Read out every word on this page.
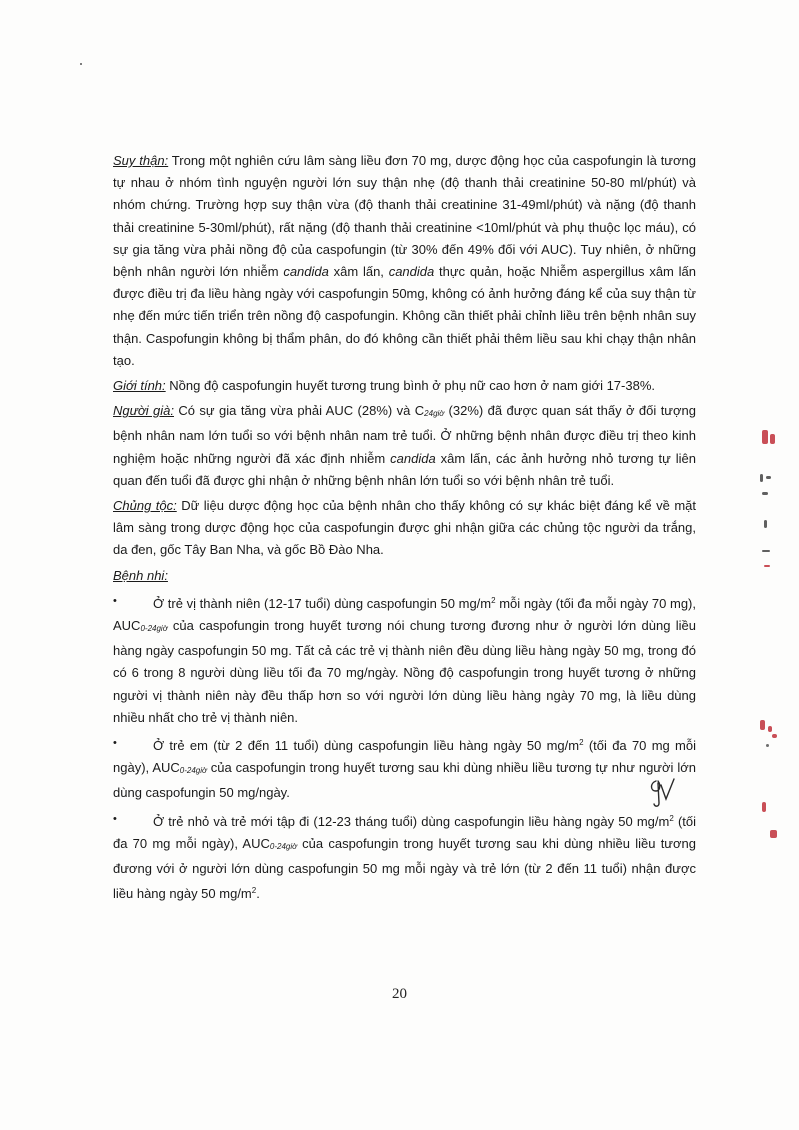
Suy thận: Trong một nghiên cứu lâm sàng liều đơn 70 mg, dược động học của caspofungin là tương tự nhau ở nhóm tình nguyện người lớn suy thận nhẹ (độ thanh thải creatinine 50-80 ml/phút) và nhóm chứng. Trường hợp suy thận vừa (độ thanh thải creatinine 31-49ml/phút) và nặng (độ thanh thải creatinine 5-30ml/phút), rất nặng (độ thanh thải creatinine <10ml/phút và phụ thuộc lọc máu), có sự gia tăng vừa phải nồng độ của caspofungin (từ 30% đến 49% đối với AUC). Tuy nhiên, ở những bệnh nhân người lớn nhiễm candida xâm lấn, candida thực quản, hoặc Nhiễm aspergillus xâm lấn được điều trị đa liều hàng ngày với caspofungin 50mg, không có ảnh hưởng đáng kể của suy thận từ nhẹ đến mức tiến triển trên nồng độ caspofungin. Không cần thiết phải chỉnh liều trên bệnh nhân suy thận. Caspofungin không bị thẩm phân, do đó không cần thiết phải thêm liều sau khi chạy thận nhân tạo.

Giới tính: Nồng độ caspofungin huyết tương trung bình ở phụ nữ cao hơn ở nam giới 17-38%.

Người già: Có sự gia tăng vừa phải AUC (28%) và C24giờ (32%) đã được quan sát thấy ở đối tượng bệnh nhân nam lớn tuổi so với bệnh nhân nam trẻ tuổi. Ở những bệnh nhân được điều trị theo kinh nghiệm hoặc những người đã xác định nhiễm candida xâm lấn, các ảnh hưởng nhỏ tương tự liên quan đến tuổi đã được ghi nhận ở những bệnh nhân lớn tuổi so với bệnh nhân trẻ tuổi.

Chủng tộc: Dữ liệu dược động học của bệnh nhân cho thấy không có sự khác biệt đáng kể về mặt lâm sàng trong dược động học của caspofungin được ghi nhận giữa các chủng tộc người da trắng, da đen, gốc Tây Ban Nha, và gốc Bồ Đào Nha.

Bệnh nhi:

•	Ở trẻ vị thành niên (12-17 tuổi) dùng caspofungin 50 $mg/m^2$ mỗi ngày (tối đa mỗi ngày 70 mg), AUC0-24giờ của caspofungin trong huyết tương nói chung tương đương như ở người lớn dùng liều hàng ngày caspofungin 50 mg. Tất cả các trẻ vị thành niên đều dùng liều hàng ngày 50 mg, trong đó có 6 trong 8 người dùng liều tối đa 70 mg/ngày. Nồng độ caspofungin trong huyết tương ở những người vị thành niên này đều thấp hơn so với người lớn dùng liều hàng ngày 70 mg, là liều dùng nhiều nhất cho trẻ vị thành niên.

•	Ở trẻ em (từ 2 đến 11 tuổi) dùng caspofungin liều hàng ngày 50 $mg/m^2$ (tối đa 70 mg mỗi ngày), AUC0-24giờ của caspofungin trong huyết tương sau khi dùng nhiều liều tương tự như người lớn dùng caspofungin 50 mg/ngày.

•	Ở trẻ nhỏ và trẻ mới tập đi (12-23 tháng tuổi) dùng caspofungin liều hàng ngày 50 $mg/m^2$ (tối đa 70 mg mỗi ngày), AUC0-24giờ của caspofungin trong huyết tương sau khi dùng nhiều liều tương đương với ở người lớn dùng caspofungin 50 mg mỗi ngày và trẻ lớn (từ 2 đến 11 tuổi) nhận được liều hàng ngày 50 $mg/m^2$.

20
